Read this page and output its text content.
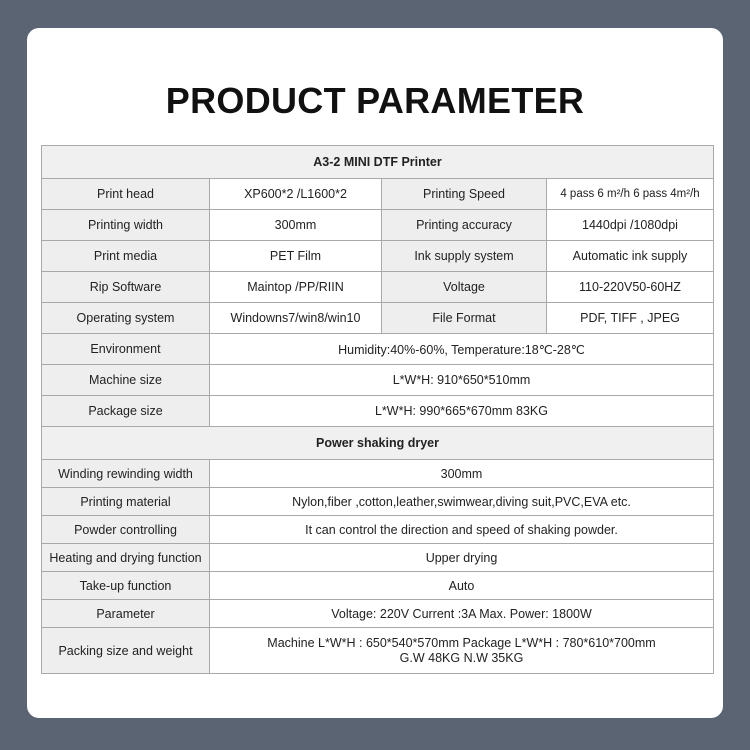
PRODUCT PARAMETER
A3-2 MINI DTF Printer			
Print head	XP600*2 /L1600*2	Printing Speed	4 pass 6 m²/h 6 pass 4m²/h
Printing width	300mm	Printing accuracy	1440dpi /1080dpi
Print media	PET Film	Ink supply system	Automatic ink supply
Rip Software	Maintop /PP/RIIN	Voltage	110-220V50-60HZ
Operating system	Windowns7/win8/win10	File Format	PDF, TIFF , JPEG
Environment	Humidity:40%-60%, Temperature:18℃-28℃		
Machine size	L*W*H: 910*650*510mm		
Package size	L*W*H: 990*665*670mm 83KG		
Power shaking dryer			
Winding rewinding width	300mm		
Printing material	Nylon,fiber ,cotton,leather,swimwear,diving suit,PVC,EVA etc.		
Powder controlling	It can control the direction and speed of shaking powder.		
Heating and drying function	Upper drying		
Take-up function	Auto		
Parameter	Voltage: 220V Current :3A Max. Power: 1800W		
Packing size and weight	Machine L*W*H : 650*540*570mm Package L*W*H : 780*610*700mm
G.W 48KG N.W 35KG		
